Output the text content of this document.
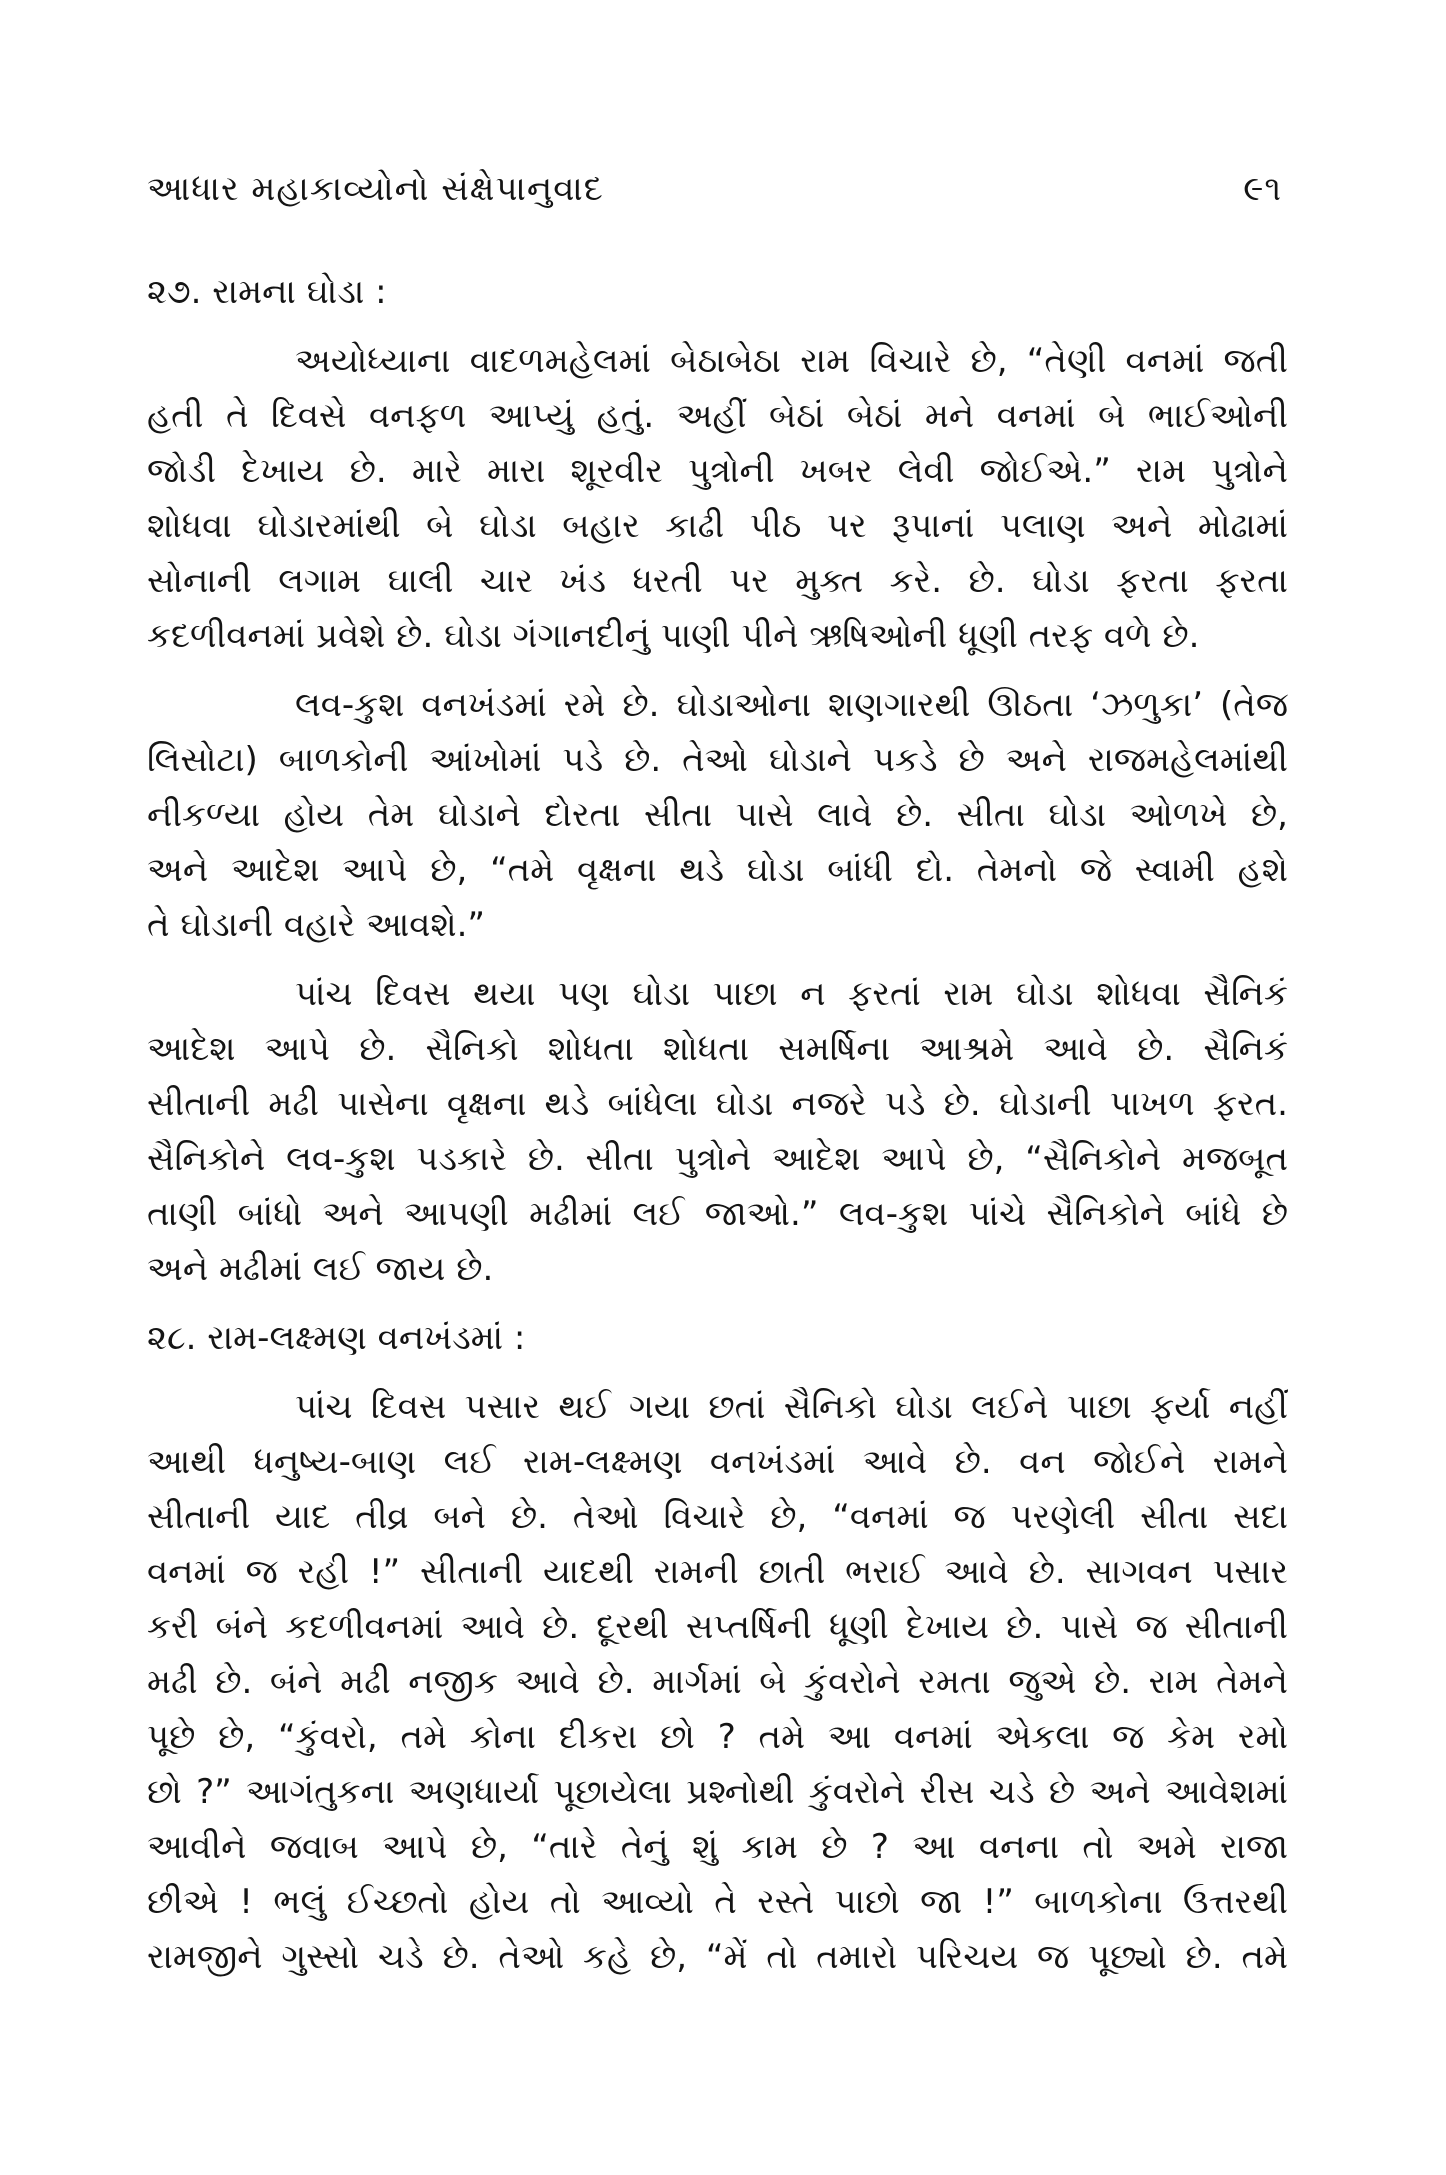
આધાર મહાકાવ્યોનો સંક્ષેપાનુવાદ	૯૧
૨૭. રામના ઘોડા :
અયોધ્યાના વાદળમહેલમાં બેઠાબેઠા રામ વિચારે છે, “તેણી વનમાં જતી
હતી તે દિવસે વનફળ આપ્યું હતું. અહીં બેઠાં બેઠાં મને વનમાં બે ભાઈઓની
જોડી દેખાય છે. મારે મારા શૂરવીર પુત્રોની ખબર લેવી જોઈએ.” રામ પુત્રોને
શોધવા ઘોડારમાંથી બે ઘોડા બહાર કાઢી પીઠ પર રૂપાનાં પલાણ અને મોઢામાં
સોનાની લગામ ઘાલી ચાર ખંડ ધરતી પર મુક્ત કરે. છે. ઘોડા ફરતા ફરતા
કદળીવનમાં પ્રવેશે છે. ઘોડા ગંગાનદીનું પાણી પીને ઋષિઓની ધૂણી તરફ વળે છે.
લવ-કુશ વનખંડમાં રમે છે. ઘોડાઓના શણગારથી ઊઠતા ‘ઝળુકા’ (તેજ
લિસોટા) બાળકોની આંખોમાં પડે છે. તેઓ ઘોડાને પકડે છે અને રાજમહેલમાંથી
નીકળ્યા હોય તેમ ઘોડાને દોરતા સીતા પાસે લાવે છે. સીતા ઘોડા ઓળખે છે,
અને આદેશ આપે છે, “તમે વૃક્ષના થડે ઘોડા બાંધી દો. તેમનો જે સ્વામી હશે
તે ઘોડાની વહારે આવશે.”
પાંચ દિવસ થયા પણ ઘોડા પાછા ન ફરતાં રામ ઘોડા શોધવા સૈનિકં
આદેશ આપે છે. સૈનિકો શોધતા શોધતા સમર્ષિના આશ્રમે આવે છે. સૈનિકં
સીતાની મઢી પાસેના વૃક્ષના થડે બાંધેલા ઘોડા નજરે પડે છે. ઘોડાની પાખળ ફરત.
સૈનિકોને લવ-કુશ પડકારે છે. સીતા પુત્રોને આદેશ આપે છે, “સૈનિકોને મજબૂત
તાણી બાંધો અને આપણી મઢીમાં લઈ જાઓ.” લવ-કુશ પાંચે સૈનિકોને બાંધે છે
અને મઢીમાં લઈ જાય છે.
૨૮. રામ-લક્ષ્મણ વનખંડમાં :
પાંચ દિવસ પસાર થઈ ગયા છતાં સૈનિકો ઘોડા લઈને પાછા ફર્યા નહીં
આથી ધનુષ્ય-બાણ લઈ રામ-લક્ષ્મણ વનખંડમાં આવે છે. વન જોઈને રામને
સીતાની યાદ તીવ્ર બને છે. તેઓ વિચારે છે, “વનમાં જ પરણેલી સીતા સદા
વનમાં જ રહી !” સીતાની યાદથી રામની છાતી ભરાઈ આવે છે. સાગવન પસાર
કરી બંને કદળીવનમાં આવે છે. દૂરથી સપ્તર્ષિની ધૂણી દેખાય છે. પાસે જ સીતાની
મઢી છે. બંને મઢી નજીક આવે છે. માર્ગમાં બે કુંવરોને રમતા જુએ છે. રામ તેમને
પૂછે છે, “કુંવરો, તમે કોના દીકરા છો ? તમે આ વનમાં એકલા જ કેમ રમો
છો ?” આગંતુકના અણધાર્યા પૂછાયેલા પ્રશ્નોથી કુંવરોને રીસ ચડે છે અને આવેશમાં
આવીને જવાબ આપે છે, “તારે તેનું શું કામ છે ? આ વનના તો અમે રાજા
છીએ ! ભલું ઈચ્છતો હોય તો આવ્યો તે રસ્તે પાછો જા !” બાળકોના ઉત્તરથી
રામજીને ગુસ્સો ચડે છે. તેઓ કહે છે, “મેં તો તમારો પરિચય જ પૂછ્યો છે. તમે
